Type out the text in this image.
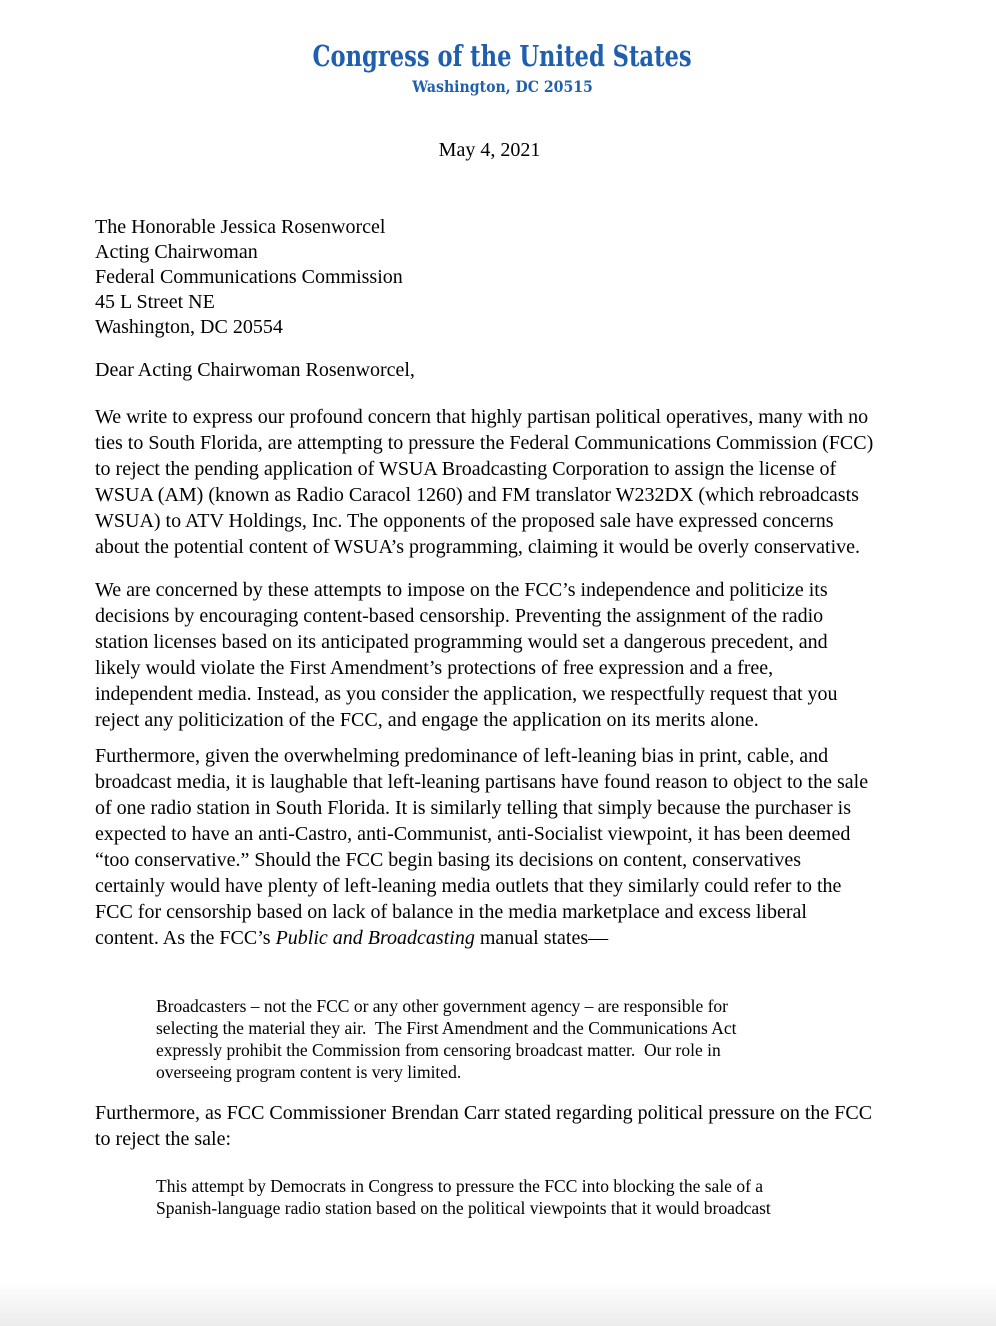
Congress of the United States
Washington, DC 20515
May 4, 2021
The Honorable Jessica Rosenworcel
Acting Chairwoman
Federal Communications Commission
45 L Street NE
Washington, DC 20554
Dear Acting Chairwoman Rosenworcel,
We write to express our profound concern that highly partisan political operatives, many with no
ties to South Florida, are attempting to pressure the Federal Communications Commission (FCC)
to reject the pending application of WSUA Broadcasting Corporation to assign the license of
WSUA (AM) (known as Radio Caracol 1260) and FM translator W232DX (which rebroadcasts
WSUA) to ATV Holdings, Inc. The opponents of the proposed sale have expressed concerns
about the potential content of WSUA’s programming, claiming it would be overly conservative.
We are concerned by these attempts to impose on the FCC’s independence and politicize its
decisions by encouraging content-based censorship. Preventing the assignment of the radio
station licenses based on its anticipated programming would set a dangerous precedent, and
likely would violate the First Amendment’s protections of free expression and a free,
independent media. Instead, as you consider the application, we respectfully request that you
reject any politicization of the FCC, and engage the application on its merits alone.
Furthermore, given the overwhelming predominance of left-leaning bias in print, cable, and
broadcast media, it is laughable that left-leaning partisans have found reason to object to the sale
of one radio station in South Florida. It is similarly telling that simply because the purchaser is
expected to have an anti-Castro, anti-Communist, anti-Socialist viewpoint, it has been deemed
“too conservative.” Should the FCC begin basing its decisions on content, conservatives
certainly would have plenty of left-leaning media outlets that they similarly could refer to the
FCC for censorship based on lack of balance in the media marketplace and excess liberal
content. As the FCC’s Public and Broadcasting manual states—
Broadcasters – not the FCC or any other government agency – are responsible for
selecting the material they air.  The First Amendment and the Communications Act
expressly prohibit the Commission from censoring broadcast matter.  Our role in
overseeing program content is very limited.
Furthermore, as FCC Commissioner Brendan Carr stated regarding political pressure on the FCC
to reject the sale:
This attempt by Democrats in Congress to pressure the FCC into blocking the sale of a
Spanish-language radio station based on the political viewpoints that it would broadcast
